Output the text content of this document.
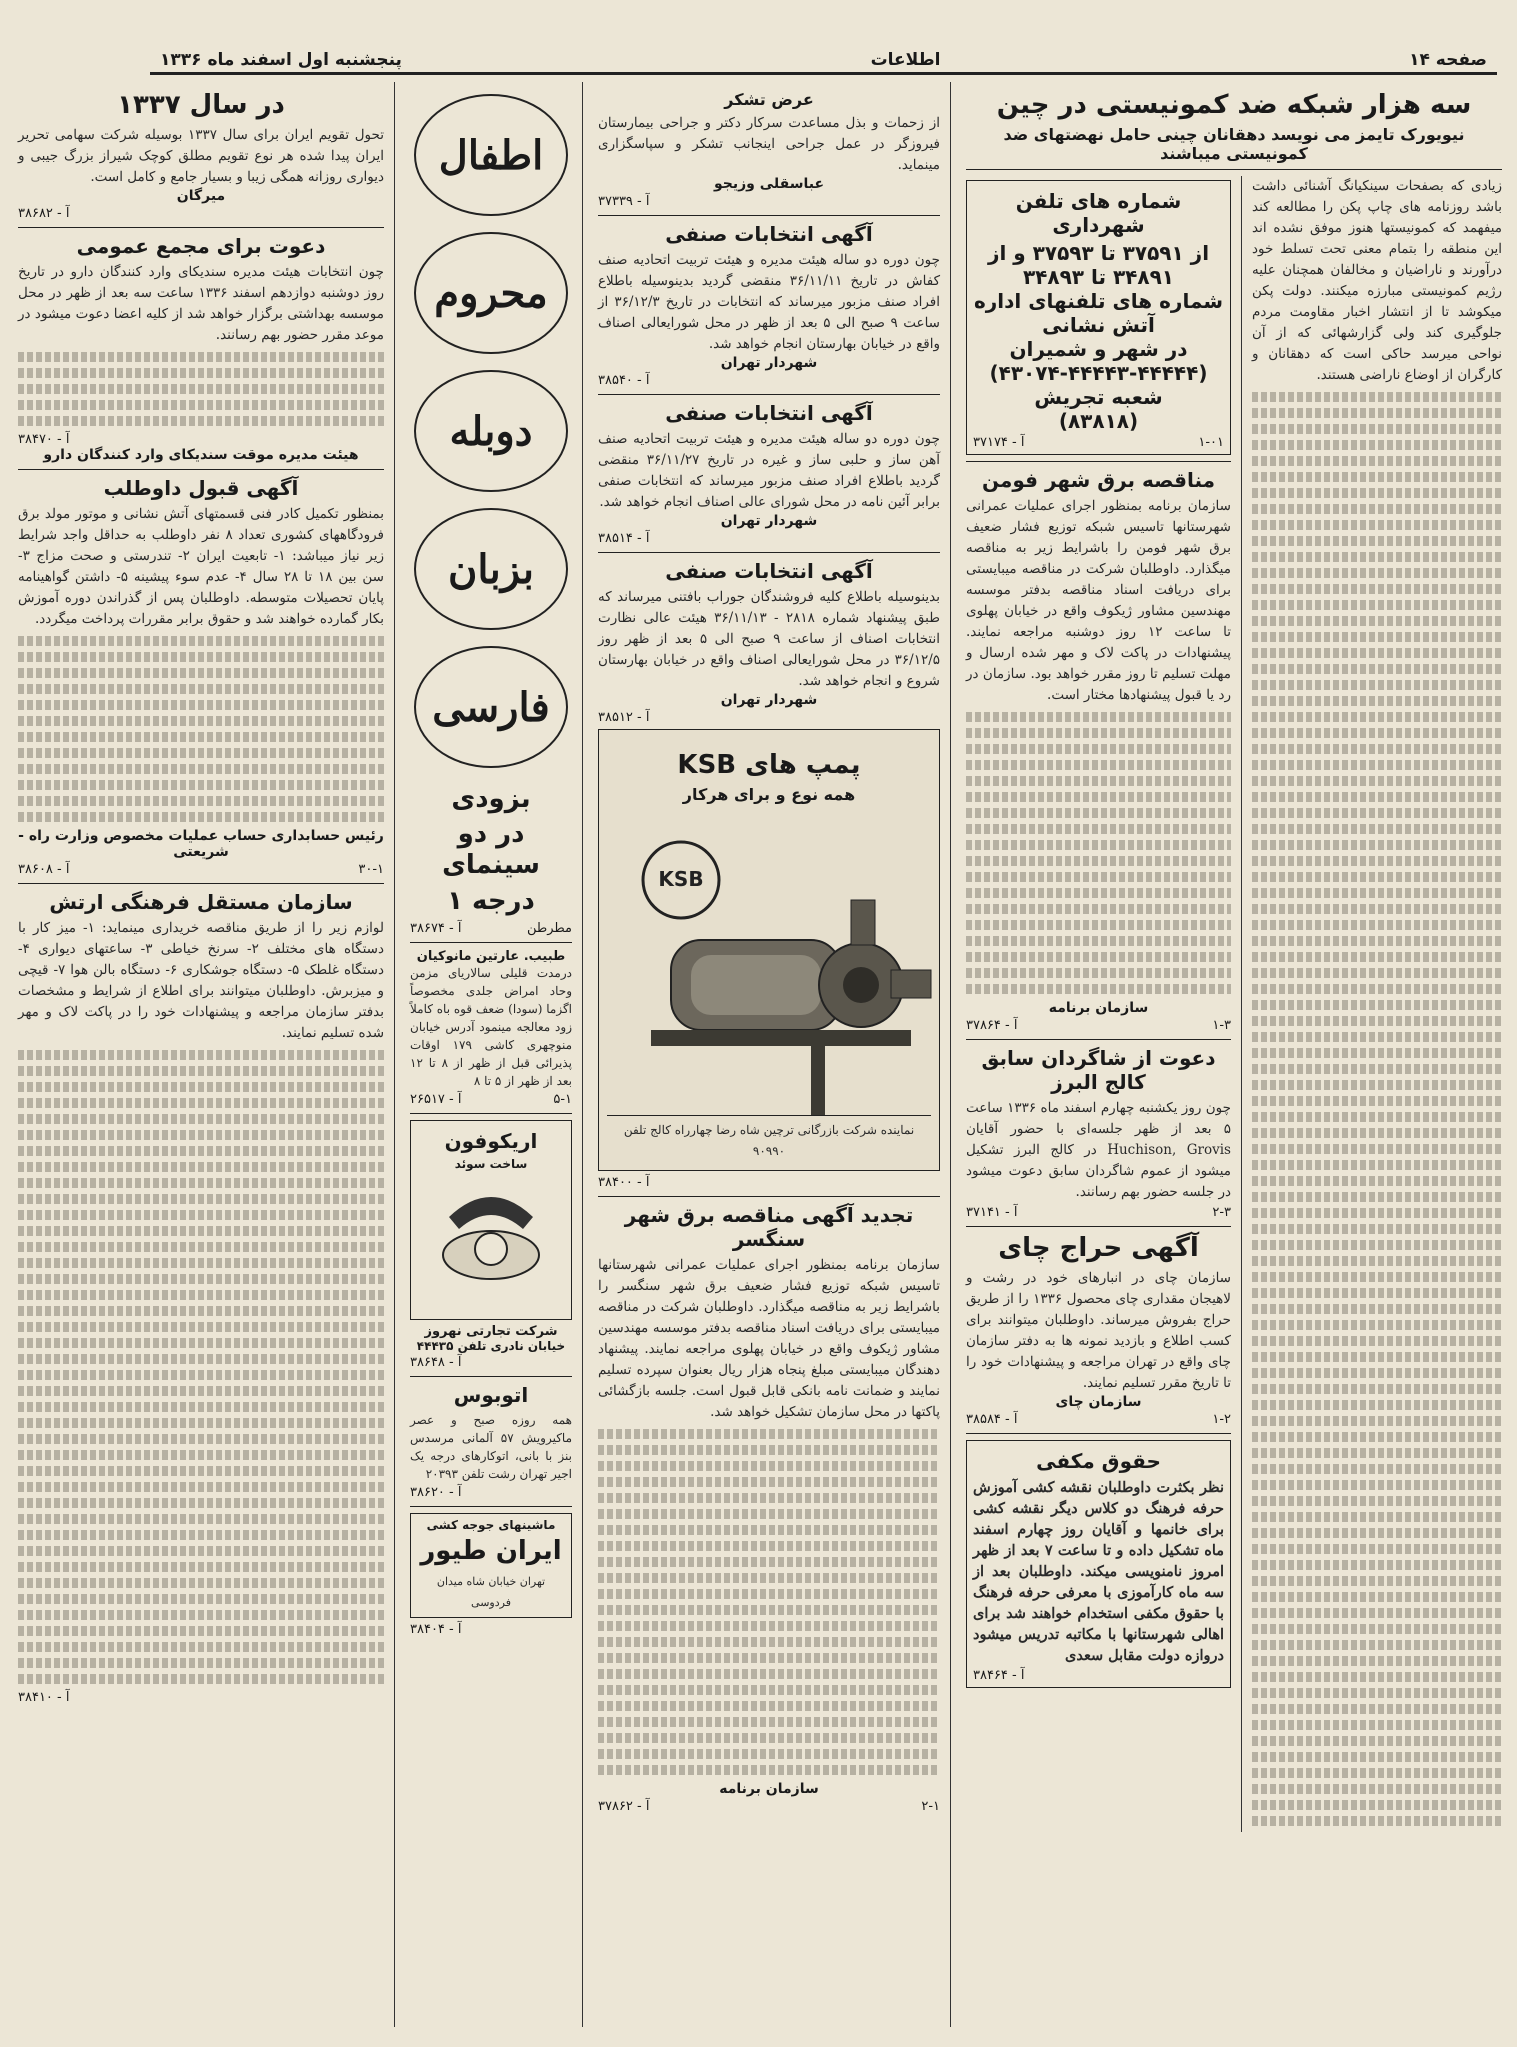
صفحه ۱۴
اطلاعات
پنجشنبه اول اسفند ماه ۱۳۳۶
سه هزار شبکه ضد کمونیستی در چین
نیویورک تایمز می نویسد دهقانان چینی حامل نهضتهای ضد کمونیستی میباشند
زیادی که بصفحات سینکیانگ آشنائی داشت باشد روزنامه های چاپ پکن را مطالعه کند میفهمد که کمونیستها هنوز موفق نشده اند این منطقه را بتمام معنی تحت تسلط خود درآورند و ناراضیان و مخالفان همچنان علیه رژیم کمونیستی مبارزه میکنند. دولت پکن میکوشد تا از انتشار اخبار مقاومت مردم جلوگیری کند ولی گزارشهائی که از آن نواحی میرسد حاکی است که دهقانان و کارگران از اوضاع ناراضی هستند.
شماره های تلفن شهرداری
از ۳۷۵۹۱ تا ۳۷۵۹۳ و از ۳۴۸۹۱ تا ۳۴۸۹۳
شماره های تلفنهای اداره آتش نشانی
در شهر و شمیران
(۴۳۰۷۴-۴۴۴۴۳-۴۴۴۴۴)
شعبه تجریش
(۸۳۸۱۸)
۱-۰۱
آ - ۳۷۱۷۴
مناقصه برق شهر فومن
سازمان برنامه بمنظور اجرای عملیات عمرانی شهرستانها تاسیس شبکه توزیع فشار ضعیف برق شهر فومن را باشرایط زیر به مناقصه میگذارد. داوطلبان شرکت در مناقصه میبایستی برای دریافت اسناد مناقصه بدفتر موسسه مهندسین مشاور ژیکوف واقع در خیابان پهلوی تا ساعت ۱۲ روز دوشنبه مراجعه نمایند. پیشنهادات در پاکت لاک و مهر شده ارسال و مهلت تسلیم تا روز مقرر خواهد بود. سازمان در رد یا قبول پیشنهادها مختار است.
سازمان برنامه
۱-۳
آ - ۳۷۸۶۴
دعوت از شاگردان سابق کالج البرز
چون روز یکشنبه چهارم اسفند ماه ۱۳۳۶ ساعت ۵ بعد از ظهر جلسه‌ای با حضور آقایان Huchison, Grovis در کالج البرز تشکیل میشود از عموم شاگردان سابق دعوت میشود در جلسه حضور بهم رسانند.
۲-۳
آ - ۳۷۱۴۱
آگهی حراج چای
سازمان چای در انبارهای خود در رشت و لاهیجان مقداری چای محصول ۱۳۳۶ را از طریق حراج بفروش میرساند. داوطلبان میتوانند برای کسب اطلاع و بازدید نمونه ها به دفتر سازمان چای واقع در تهران مراجعه و پیشنهادات خود را تا تاریخ مقرر تسلیم نمایند.
سازمان چای
۱-۲
آ - ۳۸۵۸۴
حقوق مکفی
نظر بکثرت داوطلبان نقشه کشی آموزش حرفه فرهنگ دو کلاس دیگر نقشه کشی برای خانمها و آقایان روز چهارم اسفند ماه تشکیل داده و تا ساعت ۷ بعد از ظهر امروز نامنویسی میکند. داوطلبان بعد از سه ماه کارآموزی با معرفی حرفه فرهنگ با حقوق مکفی استخدام خواهند شد برای اهالی شهرستانها با مکاتبه تدریس میشود دروازه دولت مقابل سعدی
آ - ۳۸۴۶۴
عرض تشکر
از زحمات و بذل مساعدت سرکار دکتر و جراحی بیمارستان فیروزگر در عمل جراحی اینجانب تشکر و سپاسگزاری مینماید.
عباسقلی وزیجو
آ - ۳۷۳۳۹
آگهی انتخابات صنفی
چون دوره دو ساله هیئت مدیره و هیئت تربیت اتحادیه صنف کفاش در تاریخ ۳۶/۱۱/۱۱ منقضی گردید بدینوسیله باطلاع افراد صنف مزبور میرساند که انتخابات در تاریخ ۳۶/۱۲/۳ از ساعت ۹ صبح الی ۵ بعد از ظهر در محل شورایعالی اصناف واقع در خیابان بهارستان انجام خواهد شد.
شهردار تهران
آ - ۳۸۵۴۰
آگهی انتخابات صنفی
چون دوره دو ساله هیئت مدیره و هیئت تربیت اتحادیه صنف آهن ساز و حلبی ساز و غیره در تاریخ ۳۶/۱۱/۲۷ منقضی گردید باطلاع افراد صنف مزبور میرساند که انتخابات صنفی برابر آئین نامه در محل شورای عالی اصناف انجام خواهد شد.
شهردار تهران
آ - ۳۸۵۱۴
آگهی انتخابات صنفی
بدینوسیله باطلاع کلیه فروشندگان جوراب بافتنی میرساند که طبق پیشنهاد شماره ۲۸۱۸ - ۳۶/۱۱/۱۳ هیئت عالی نظارت انتخابات اصناف از ساعت ۹ صبح الی ۵ بعد از ظهر روز ۳۶/۱۲/۵ در محل شورایعالی اصناف واقع در خیابان بهارستان شروع و انجام خواهد شد.
شهردار تهران
آ - ۳۸۵۱۲
پمپ های KSB
همه نوع و برای هرکار
KSB
نماینده شرکت بازرگانی ترچین شاه رضا چهارراه کالج تلفن ۹۰۹۹۰
آ - ۳۸۴۰۰
تجدید آگهی مناقصه برق شهر سنگسر
سازمان برنامه بمنظور اجرای عملیات عمرانی شهرستانها تاسیس شبکه توزیع فشار ضعیف برق شهر سنگسر را باشرایط زیر به مناقصه میگذارد. داوطلبان شرکت در مناقصه میبایستی برای دریافت اسناد مناقصه بدفتر موسسه مهندسین مشاور ژیکوف واقع در خیابان پهلوی مراجعه نمایند. پیشنهاد دهندگان میبایستی مبلغ پنجاه هزار ریال بعنوان سپرده تسلیم نمایند و ضمانت نامه بانکی قابل قبول است. جلسه بازگشائی پاکتها در محل سازمان تشکیل خواهد شد.
سازمان برنامه
۲-۱
آ - ۳۷۸۶۲
اطفال
محروم
دوبله
بزبان
فارسی
بزودی
در دو سینمای
درجه ۱
مطرطن
آ - ۳۸۶۷۴
طبیب. عارتین مانوکیان
درمدت قلیلی سالاریای مزمن وحاد امراض جلدی مخصوصاً اگزما (سودا) ضعف قوه باه کاملاً زود معالجه مینمود آدرس خیابان منوچهری کاشی ۱۷۹ اوقات پذیرائی قبل از ظهر از ۸ تا ۱۲ بعد از ظهر از ۵ تا ۸
۵-۱
آ - ۲۶۵۱۷
اریکوفون
ساخت سوئد
شرکت تجارتی نهروز
خیابان نادری تلفن ۴۴۴۳۵
آ - ۳۸۶۴۸
اتوبوس
همه روزه صبح و عصر ماکیرویش ۵۷ آلمانی مرسدس بنز با بانی، اتوکارهای درجه یک اجیر تهران رشت تلفن ۲۰۳۹۳
آ - ۳۸۶۲۰
ماشینهای جوجه کشی
ایران طیور
تهران خیابان شاه میدان فردوسی
آ - ۳۸۴۰۴
در سال ۱۳۳۷
تحول تقویم ایران برای سال ۱۳۳۷ بوسیله شرکت سهامی تحریر ایران پیدا شده هر نوع تقویم مطلق کوچک شیراز بزرگ جیبی و دیواری روزانه همگی زیبا و بسیار جامع و کامل است.
میرگان
آ - ۳۸۶۸۲
دعوت برای مجمع عمومی
چون انتخابات هیئت مدیره سندیکای وارد کنندگان دارو در تاریخ روز دوشنبه دوازدهم اسفند ۱۳۳۶ ساعت سه بعد از ظهر در محل موسسه بهداشتی برگزار خواهد شد از کلیه اعضا دعوت میشود در موعد مقرر حضور بهم رسانند.
آ - ۳۸۴۷۰
هیئت مدیره موقت سندیکای وارد کنندگان دارو
آگهی قبول داوطلب
بمنظور تکمیل کادر فنی قسمتهای آتش نشانی و موتور مولد برق فرودگاههای کشوری تعداد ۸ نفر داوطلب به حداقل واجد شرایط زیر نیاز میباشد: ۱- تابعیت ایران ۲- تندرستی و صحت مزاج ۳- سن بین ۱۸ تا ۲۸ سال ۴- عدم سوء پیشینه ۵- داشتن گواهینامه پایان تحصیلات متوسطه. داوطلبان پس از گذراندن دوره آموزش بکار گمارده خواهند شد و حقوق برابر مقررات پرداخت میگردد.
رئیس حسابداری حساب عملیات مخصوص وزارت راه - شریعتی
۳۰-۱
آ - ۳۸۶۰۸
سازمان مستقل فرهنگی ارتش
لوازم زیر را از طریق مناقصه خریداری مینماید: ۱- میز کار با دستگاه های مختلف ۲- سرنخ خیاطی ۳- ساعتهای دیواری ۴- دستگاه غلطک ۵- دستگاه جوشکاری ۶- دستگاه بالن هوا ۷- قیچی و میزبرش. داوطلبان میتوانند برای اطلاع از شرایط و مشخصات بدفتر سازمان مراجعه و پیشنهادات خود را در پاکت لاک و مهر شده تسلیم نمایند.
آ - ۳۸۴۱۰
